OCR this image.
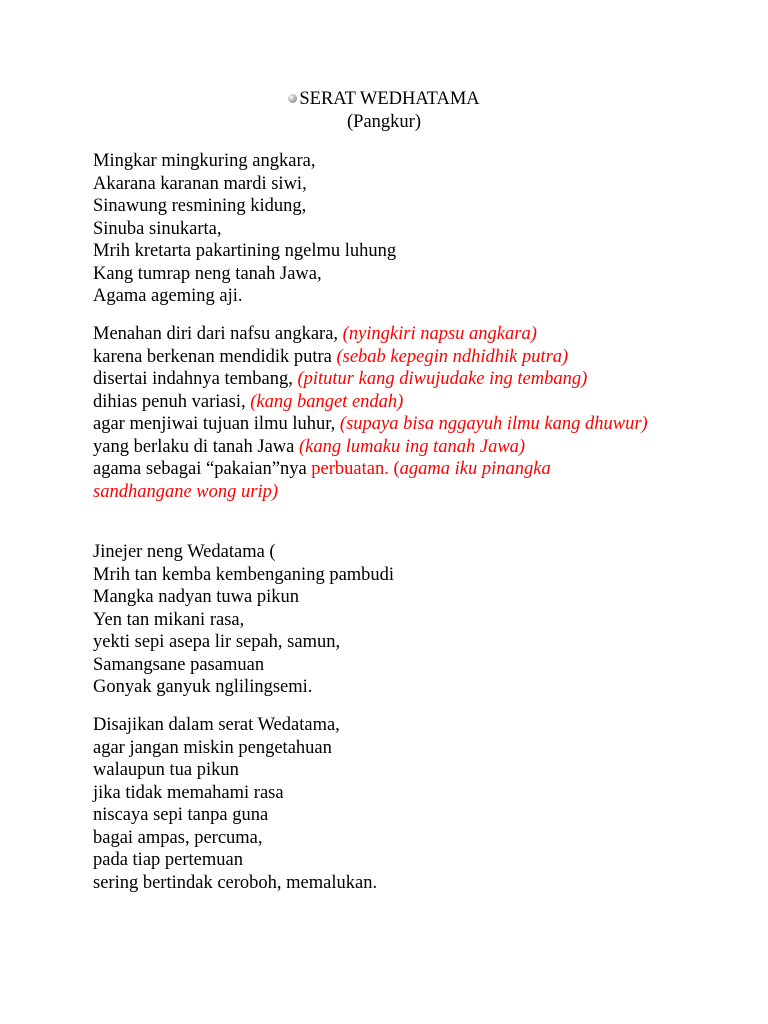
SERAT WEDHATAMA
(Pangkur)
Mingkar mingkuring angkara,
Akarana karanan mardi siwi,
Sinawung resmining kidung,
Sinuba sinukarta,
Mrih kretarta pakartining ngelmu luhung
Kang tumrap neng tanah Jawa,
Agama ageming aji.
Menahan diri dari nafsu angkara, (nyingkiri napsu angkara)
karena berkenan mendidik putra (sebab kepegin ndhidhik putra)
disertai indahnya tembang, (pitutur kang diwujudake ing tembang)
dihias penuh variasi, (kang banget endah)
agar menjiwai tujuan ilmu luhur, (supaya bisa nggayuh ilmu kang dhuwur)
yang berlaku di tanah Jawa (kang lumaku ing tanah Jawa)
agama sebagai “pakaian”nya perbuatan. (agama iku pinangka sandhangane wong urip)
Jinejer neng Wedatama (
Mrih tan kemba kembenganing pambudi
Mangka nadyan tuwa pikun
Yen tan mikani rasa,
yekti sepi asepa lir sepah, samun,
Samangsane pasamuan
Gonyak ganyuk nglilingsemi.
Disajikan dalam serat Wedatama,
agar jangan miskin pengetahuan
walaupun tua pikun
jika tidak memahami rasa
niscaya sepi tanpa guna
bagai ampas, percuma,
pada tiap pertemuan
sering bertindak ceroboh, memalukan.
